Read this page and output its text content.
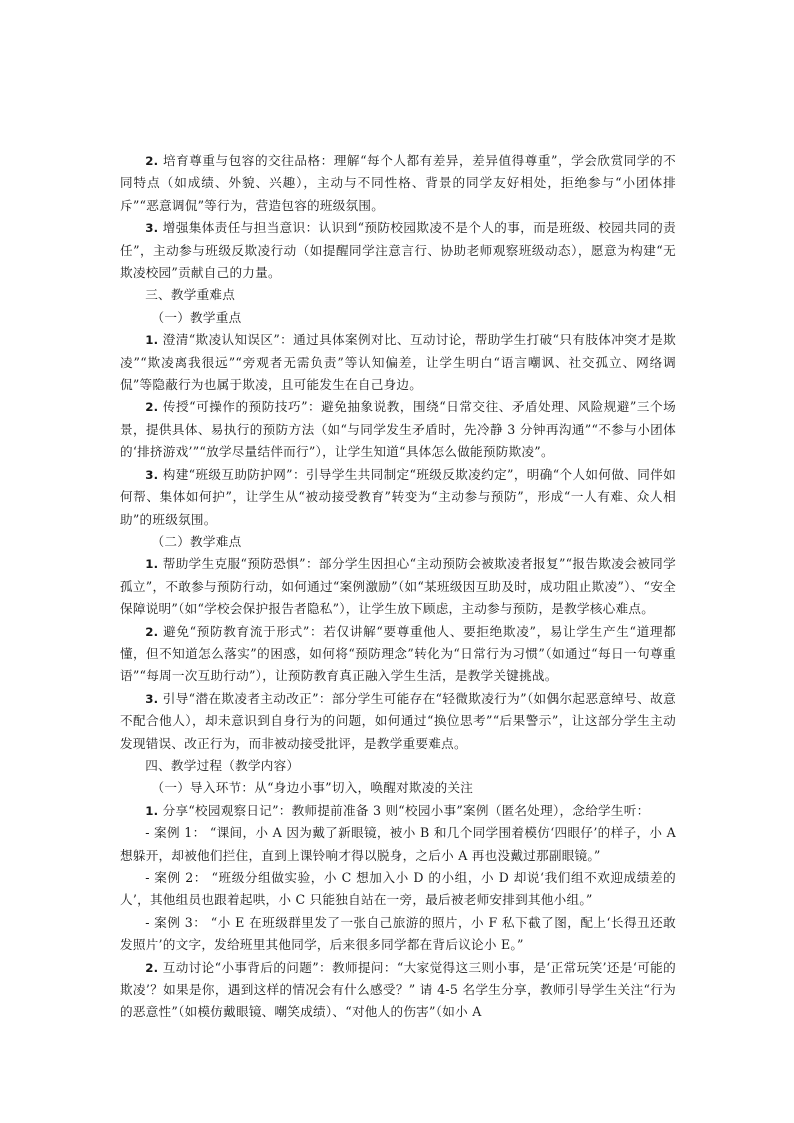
2. 培育尊重与包容的交往品格：理解“每个人都有差异，差异值得尊重”，学会欣赏同学的不同特点（如成绩、外貌、兴趣），主动与不同性格、背景的同学友好相处，拒绝参与“小团体排斥”“恶意调侃”等行为，营造包容的班级氛围。

3. 增强集体责任与担当意识：认识到“预防校园欺凌不是个人的事，而是班级、校园共同的责任”，主动参与班级反欺凌行动（如提醒同学注意言行、协助老师观察班级动态），愿意为构建“无欺凌校园”贡献自己的力量。

三、教学重难点

（一）教学重点

1. 澄清“欺凌认知误区”：通过具体案例对比、互动讨论，帮助学生打破“只有肢体冲突才是欺凌”“欺凌离我很远”“旁观者无需负责”等认知偏差，让学生明白“语言嘲讽、社交孤立、网络调侃”等隐蔽行为也属于欺凌，且可能发生在自己身边。

2. 传授“可操作的预防技巧”：避免抽象说教，围绕“日常交往、矛盾处理、风险规避”三个场景，提供具体、易执行的预防方法（如“与同学发生矛盾时，先冷静 3 分钟再沟通”“不参与小团体的‘排挤游戏’”“放学尽量结伴而行”），让学生知道“具体怎么做能预防欺凌”。

3. 构建“班级互助防护网”：引导学生共同制定“班级反欺凌约定”，明确“个人如何做、同伴如何帮、集体如何护”，让学生从“被动接受教育”转变为“主动参与预防”，形成“一人有难、众人相助”的班级氛围。

（二）教学难点

1. 帮助学生克服“预防恐惧”：部分学生因担心“主动预防会被欺凌者报复”“报告欺凌会被同学孤立”，不敢参与预防行动，如何通过“案例激励”（如“某班级因互助及时，成功阻止欺凌”）、“安全保障说明”（如“学校会保护报告者隐私”），让学生放下顾虑，主动参与预防，是教学核心难点。

2. 避免“预防教育流于形式”：若仅讲解“要尊重他人、要拒绝欺凌”，易让学生产生“道理都懂，但不知道怎么落实”的困惑，如何将“预防理念”转化为“日常行为习惯”（如通过“每日一句尊重语”“每周一次互助行动”），让预防教育真正融入学生生活，是教学关键挑战。

3. 引导“潜在欺凌者主动改正”：部分学生可能存在“轻微欺凌行为”（如偶尔起恶意绰号、故意不配合他人），却未意识到自身行为的问题，如何通过“换位思考”“后果警示”，让这部分学生主动发现错误、改正行为，而非被动接受批评，是教学重要难点。

四、教学过程（教学内容）

（一）导入环节：从“身边小事”切入，唤醒对欺凌的关注

1. 分享“校园观察日记”：教师提前准备 3 则“校园小事”案例（匿名处理），念给学生听：

- 案例 1： “课间，小 A 因为戴了新眼镜，被小 B 和几个同学围着模仿‘四眼仔’的样子，小 A 想躲开，却被他们拦住，直到上课铃响才得以脱身，之后小 A 再也没戴过那副眼镜。”

- 案例 2： “班级分组做实验，小 C 想加入小 D 的小组，小 D 却说‘我们组不欢迎成绩差的人’，其他组员也跟着起哄，小 C 只能独自站在一旁，最后被老师安排到其他小组。”

- 案例 3： “小 E 在班级群里发了一张自己旅游的照片，小 F 私下截了图，配上‘长得丑还敢发照片’的文字，发给班里其他同学，后来很多同学都在背后议论小 E。”

2. 互动讨论“小事背后的问题”：教师提问：“大家觉得这三则小事，是‘正常玩笑’还是‘可能的欺凌’？如果是你，遇到这样的情况会有什么感受？” 请 4-5 名学生分享，教师引导学生关注“行为的恶意性”（如模仿戴眼镜、嘲笑成绩）、“对他人的伤害”（如小 A
